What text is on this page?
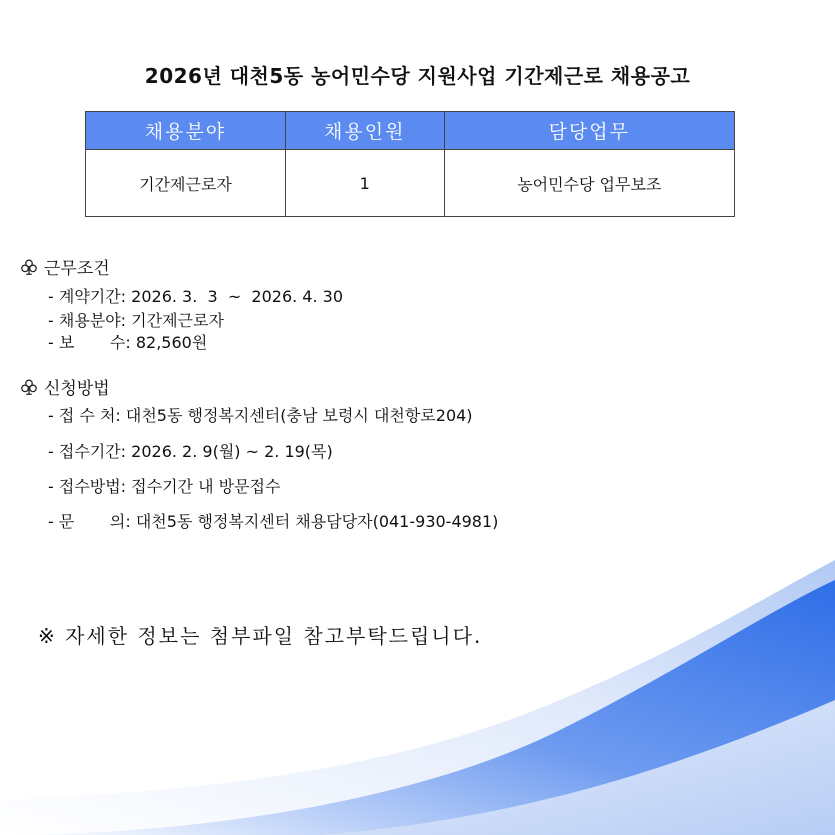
2026년 대천5동 농어민수당 지원사업 기간제근로 채용공고
채용분야	채용인원	담당업무
기간제근로자	1	농어민수당 업무보조
근무조건
- 계약기간: 2026. 3.  3  ~  2026. 4. 30
- 채용분야: 기간제근로자
- 보       수: 82,560원
신청방법
- 접 수 처: 대천5동 행정복지센터(충남 보령시 대천항로204)
- 접수기간: 2026. 2. 9(월) ~ 2. 19(목)
- 접수방법: 접수기간 내 방문접수
- 문       의: 대천5동 행정복지센터 채용담당자(041-930-4981)
※ 자세한 정보는 첨부파일 참고부탁드립니다.
